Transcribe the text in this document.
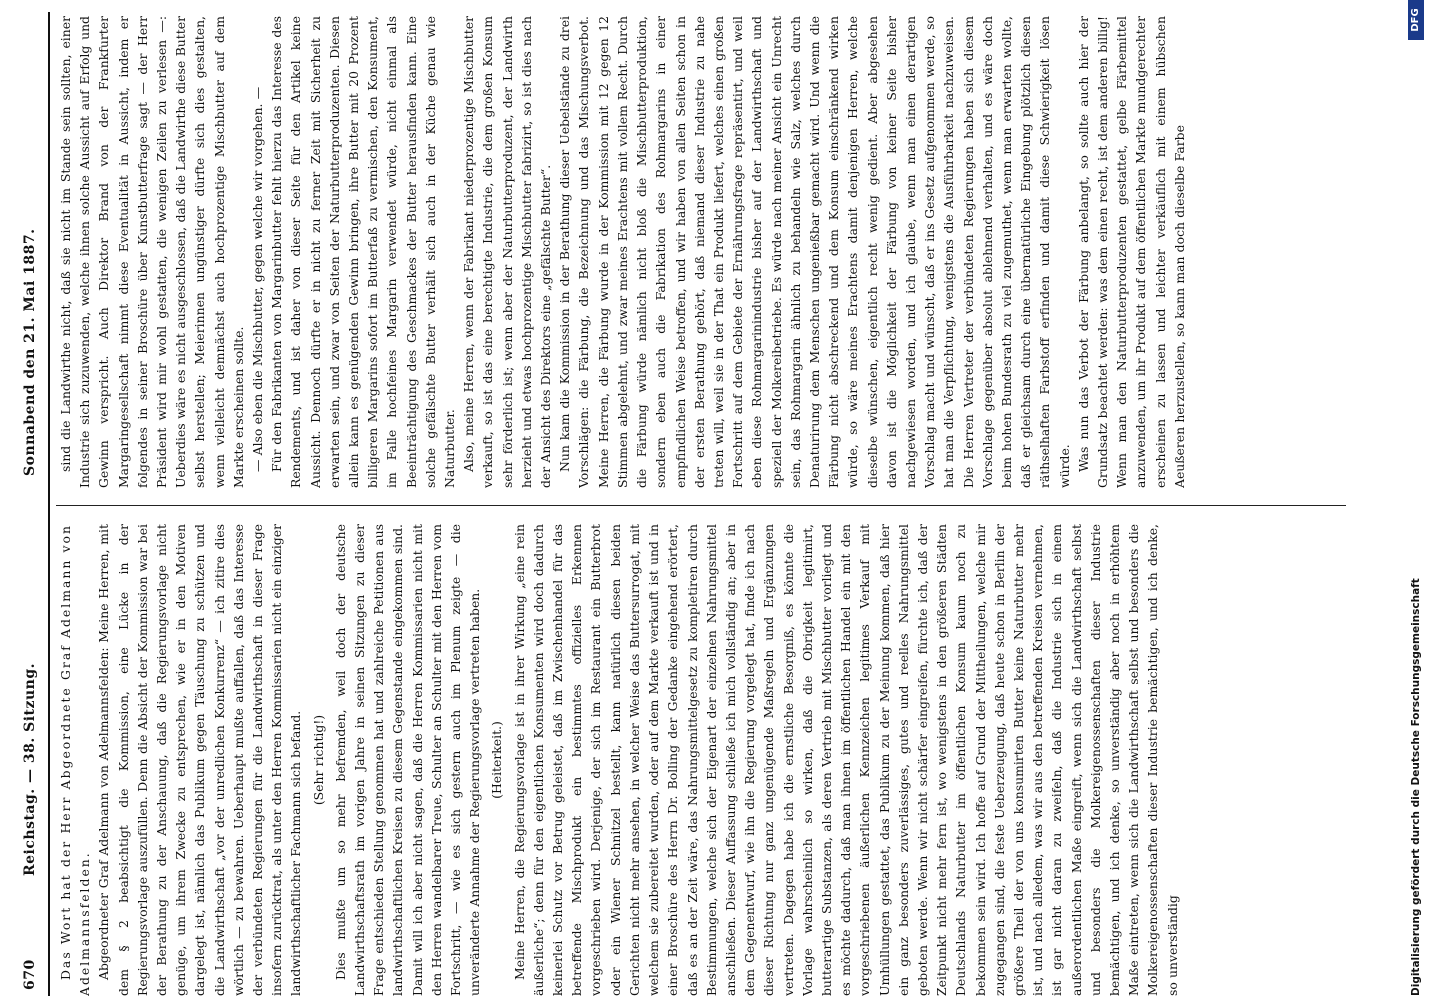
670
Reichstag. — 38. Sitzung.
Sonnabend den 21. Mai 1887.

Das Wort hat der Herr Abgeordnete Graf Adelmann von Adelmannsfelden. Abgeordneter Graf Adelmann von Adelmannsfelden: Meine Herren, mit dem § 2 beabsichtigt die Kommission, eine Lücke in der Regierungsvorlage auszufüllen. Denn die Absicht der Kommission war bei der Berathung zu der Anschauung, daß die Regierungsvorlage nicht genüge, um ihrem Zwecke zu entsprechen, wie er in den Motiven dargelegt ist, nämlich das Publikum gegen Täuschung zu schützen und die Landwirthschaft „vor der unredlichen Konkurrenz“ — ich zitire dies wörtlich — zu bewahren. Ueberhaupt mußte auffallen, daß das Interesse der verbündeten Regierungen für die Landwirthschaft in dieser Frage insofern zurücktrat, als unter den Herren Kommissarien nicht ein einziger landwirthschaftlicher Fachmann sich befand. (Sehr richtig!) Dies mußte um so mehr befremden, weil doch der deutsche Landwirthschaftsrath im vorigen Jahre in seinen Sitzungen zu dieser Frage entschieden Stellung genommen hat und zahlreiche Petitionen aus landwirthschaftlichen Kreisen zu diesem Gegenstande eingekommen sind. Damit will ich aber nicht sagen, daß die Herren Kommissarien nicht mit den Herren wandelbarer Treue, Schulter an Schulter mit den Herren vom Fortschritt, — wie es sich gestern auch im Plenum zeigte — die unveränderte Annahme der Regierungsvorlage vertreten haben. (Heiterkeit.) Meine Herren, die Regierungsvorlage ist in ihrer Wirkung „eine rein äußerliche“; denn für den eigentlichen Konsumenten wird doch dadurch keinerlei Schutz vor Betrug geleistet, daß im Zwischenhandel für das betreffende Mischprodukt ein bestimmtes offizielles Erkennen vorgeschrieben wird. Derjenige, der sich im Restaurant ein Butterbrot oder ein Wiener Schnitzel bestellt, kann natürlich diesen beiden Gerichten nicht mehr ansehen, in welcher Weise das Buttersurrogat, mit welchem sie zubereitet wurden, oder auf dem Markte verkauft ist und in einer Broschüre des Herrn Dr. Bolling der Gedanke eingehend erörtert, daß es an der Zeit wäre, das Nahrungsmittelgesetz zu kompletiren durch Bestimmungen, welche sich der Eigenart der einzelnen Nahrungsmittel anschließen. Dieser Auffassung schließe ich mich vollständig an; aber in dem Gegenentwurf, wie ihn die Regierung vorgelegt hat, finde ich nach dieser Richtung nur ganz ungenügende Maßregeln und Ergänzungen vertreten. Dagegen habe ich die ernstliche Besorgniß, es könnte die Vorlage wahrscheinlich so wirken, daß die Obrigkeit legitimirt, butterartige Substanzen, als deren Vertrieb mit Mischbutter vorliegt und es möchte dadurch, daß man ihnen im öffentlichen Handel ein mit den vorgeschriebenen äußerlichen Kennzeichen legitimes Verkauf mit Umhüllungen gestattet, das Publikum zu der Meinung kommen, daß hier ein ganz besonders zuverlässiges, gutes und reelles Nahrungsmittel geboten werde. Wenn wir nicht schärfer eingreifen, fürchte ich, daß der Zeitpunkt nicht mehr fern ist, wo wenigstens in den größeren Städten Deutschlands Naturbutter im öffentlichen Konsum kaum noch zu bekommen sein wird. Ich hoffe auf Grund der Mittheilungen, welche mir zugegangen sind, die feste Ueberzeugung, daß heute schon in Berlin der größere Theil der von uns konsumirten Butter keine Naturbutter mehr ist, und nach alledem, was wir aus den betreffenden Kreisen vernehmen, ist gar nicht daran zu zweifeln, daß die Industrie sich in einem außerordentlichen Maße eingreift, wenn sich die Landwirthschaft selbst und besonders die Molkereigenossenschaften dieser Industrie bemächtigen, und ich denke, so unverständig aber noch in erhöhtem Maße eintreten, wenn sich die Landwirthschaft selbst und besonders die Molkereigenossenschaften dieser Industrie bemächtigen, und ich denke, so unverständig

sind die Landwirthe nicht, daß sie nicht im Stande sein sollten, einer Industrie sich zuzuwenden, welche ihnen solche Aussicht auf Erfolg und Gewinn verspricht. Auch Direktor Brand von der Frankfurter Margaringesellschaft nimmt diese Eventualität in Aussicht, indem er folgendes in seiner Broschüre über Kunstbutterfrage sagt — der Herr Präsident wird mir wohl gestatten, die wenigen Zeilen zu verlesen —: Ueberdies wäre es nicht ausgeschlossen, daß die Landwirthe diese Butter selbst herstellen; Meierinnen ungünstiger dürfte sich dies gestalten, wenn vielleicht demnächst auch hochprozentige Mischbutter auf dem Markte erscheinen sollte. — Also eben die Mischbutter, gegen welche wir vorgehen. — Für den Fabrikanten von Margarinbutter fehlt hierzu das Interesse des Rendements, und ist daher von dieser Seite für den Artikel keine Aussicht. Dennoch dürfte er in nicht zu ferner Zeit mit Sicherheit zu erwarten sein, und zwar von Seiten der Naturbutterproduzenten. Diesen allein kann es genügenden Gewinn bringen, ihre Butter mit 20 Prozent billigeren Margarins sofort im Butterfaß zu vermischen, den Konsument, im Falle hochfeines Margarin verwendet würde, nicht einmal als Beeinträchtigung des Geschmackes der Butter herausfinden kann. Eine solche gefälschte Butter verhält sich auch in der Küche genau wie Naturbutter. Also, meine Herren, wenn der Fabrikant niederprozentige Mischbutter verkauft, so ist das eine berechtigte Industrie, die dem großen Konsum sehr förderlich ist; wenn aber der Naturbutterproduzent, der Landwirth herzieht und etwas hochprozentige Mischbutter fabrizirt, so ist dies nach der Ansicht des Direktors eine „gefälschte Butter“. Nun kam die Kommission in der Berathung dieser Uebelstände zu drei Vorschlägen: die Färbung, die Bezeichnung und das Mischungsverbot. Meine Herren, die Färbung wurde in der Kommission mit 12 gegen 12 Stimmen abgelehnt, und zwar meines Erachtens mit vollem Recht. Durch die Färbung würde nämlich nicht bloß die Mischbutterproduktion, sondern eben auch die Fabrikation des Rohmargarins in einer empfindlichen Weise betroffen, und wir haben von allen Seiten schon in der ersten Berathung gehört, daß niemand dieser Industrie zu nahe treten will, weil sie in der That ein Produkt liefert, welches einen großen Fortschritt auf dem Gebiete der Ernährungsfrage repräsentirt, und weil eben diese Rohmargarinindustrie bisher auf der Landwirthschaft und speziell der Molkereibetriebe. Es würde nach meiner Ansicht ein Unrecht sein, das Rohmargarin ähnlich zu behandeln wie Salz, welches durch Denaturirung dem Menschen ungenießbar gemacht wird. Und wenn die Färbung nicht abschreckend und dem Konsum einschränkend wirken würde, so wäre meines Erachtens damit denjenigen Herren, welche dieselbe wünschen, eigentlich recht wenig gedient. Aber abgesehen davon ist die Möglichkeit der Färbung von keiner Seite bisher nachgewiesen worden, und ich glaube, wenn man einen derartigen Vorschlag macht und wünscht, daß er ins Gesetz aufgenommen werde, so hat man die Verpflichtung, wenigstens die Ausführbarkeit nachzuweisen. Die Herren Vertreter der verbündeten Regierungen haben sich diesem Vorschlage gegenüber absolut ablehnend verhalten, und es wäre doch beim hohen Bundesrath zu viel zugemuthet, wenn man erwarten wollte, daß er gleichsam durch eine übernatürliche Eingebung plötzlich diesen räthselhaften Farbstoff erfinden und damit diese Schwierigkeit lösen würde. Was nun das Verbot der Färbung anbelangt, so sollte auch hier der Grundsatz beachtet werden: was dem einen recht, ist dem anderen billig! Wenn man den Naturbutterproduzenten gestattet, gelbe Färbemittel anzuwenden, um ihr Produkt auf dem öffentlichen Markte mundgerechter erscheinen zu lassen und leichter verkäuflich mit einem hübschen Aeußeren herzustellen, so kann man doch dieselbe Farbe

Digitalisierung gefördert durch die Deutsche Forschungsgemeinschaft
DFG
